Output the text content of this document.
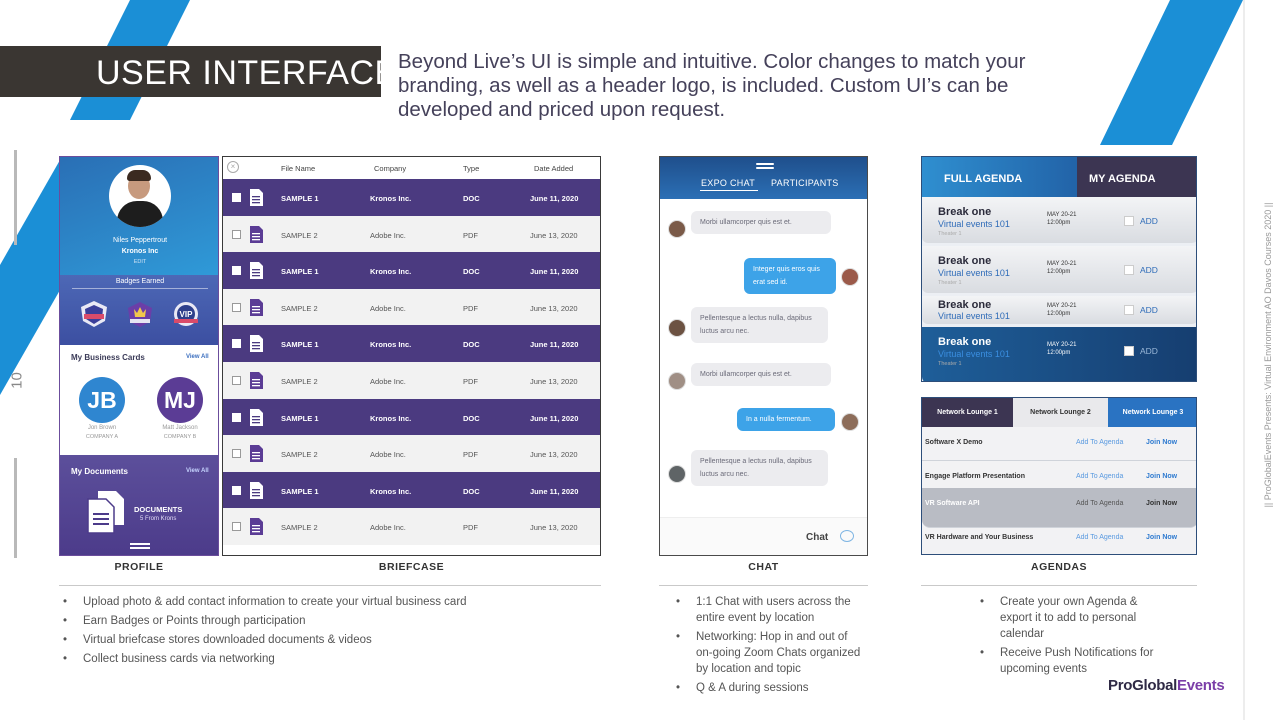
USER INTERFACE Beyond Live’s UI is simple and intuitive. Color changes to match your branding, as well as a header logo, is included. Custom UI’s can be developed and priced upon request.
10	|| ProGlobalEvents Presents: Virtual Environment AO Davos Courses 2020 ||
Niles Peppertrout
Kronos Inc
EDIT
Badges Earned
VIP
My Business Cards	View All
JB
Jon Brown
COMPANY A
MJ
Matt Jackson
COMPANY B
My Documents	View All
DOCUMENTS
5 From Krons
×	File Name	Company	Type	Date Added
SAMPLE 1	Kronos Inc.	DOC	June 11, 2020
SAMPLE 2	Adobe Inc.	PDF	June 13, 2020
SAMPLE 1	Kronos Inc.	DOC	June 11, 2020
SAMPLE 2	Adobe Inc.	PDF	June 13, 2020
SAMPLE 1	Kronos Inc.	DOC	June 11, 2020
SAMPLE 2	Adobe Inc.	PDF	June 13, 2020
SAMPLE 1	Kronos Inc.	DOC	June 11, 2020
SAMPLE 2	Adobe Inc.	PDF	June 13, 2020
SAMPLE 1	Kronos Inc.	DOC	June 11, 2020
SAMPLE 2	Adobe Inc.	PDF	June 13, 2020
EXPO CHAT PARTICIPANTS
Morbi ullamcorper quis est et.
Integer quis eros quis erat sed id.
Pellentesque a lectus nulla, dapibus luctus arcu nec.
Morbi ullamcorper quis est et.
In a nulla fermentum.
Pellentesque a lectus nulla, dapibus luctus arcu nec.
Chat
FULL AGENDA	MY AGENDA
Break one
Virtual events 101
Theater 1
MAY 20-21
12:00pm	ADD
Break one
Virtual events 101
Theater 1
MAY 20-21
12:00pm	ADD
Break one
Virtual events 101
MAY 20-21
12:00pm	ADD
Break one
Virtual events 101
Theater 1
MAY 20-21
12:00pm	ADD
Network Lounge 1	Network Lounge 2	Network Lounge 3
Software X Demo	Add To Agenda	Join Now
Engage Platform Presentation	Add To Agenda	Join Now
VR Software API	Add To Agenda	Join Now
VR Hardware and Your Business	Add To Agenda	Join Now
PROFILE	BRIEFCASE	CHAT	AGENDAS
• Upload photo & add contact information to create your virtual business card
• Earn Badges or Points through participation
• Virtual briefcase stores downloaded documents & videos
• Collect business cards via networking
• 1:1 Chat with users across the entire event by location
• Networking: Hop in and out of on-going Zoom Chats organized by location and topic
• Q & A during sessions
• Create your own Agenda & export it to add to personal calendar
• Receive Push Notifications for upcoming events
ProGlobalEvents
